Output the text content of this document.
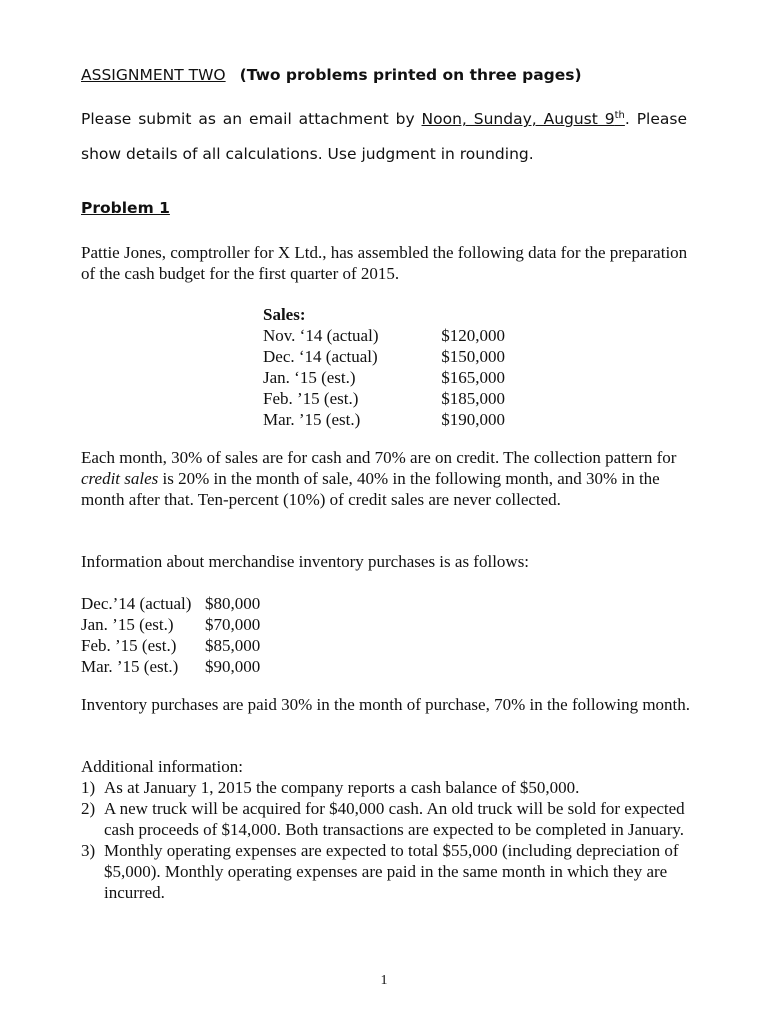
ASSIGNMENT TWO (Two problems printed on three pages)
Please submit as an email attachment by Noon, Sunday, August 9th. Please
show details of all calculations. Use judgment in rounding.
Problem 1
Pattie Jones, comptroller for X Ltd., has assembled the following data for the preparation of the cash budget for the first quarter of 2015.
Sales:
Nov. ‘14 (actual)	$120,000
Dec. ‘14 (actual)	$150,000
Jan. ‘15 (est.)	$165,000
Feb. ’15 (est.)	$185,000
Mar. ’15 (est.)	$190,000
Each month, 30% of sales are for cash and 70% are on credit. The collection pattern for credit sales is 20% in the month of sale, 40% in the following month, and 30% in the month after that. Ten-percent (10%) of credit sales are never collected.
Information about merchandise inventory purchases is as follows:
Dec.’14 (actual) $80,000
Jan. ’15 (est.)	$70,000
Feb. ’15 (est.)	$85,000
Mar. ’15 (est.)	$90,000
Inventory purchases are paid 30% in the month of purchase, 70% in the following month.
Additional information:
1) As at January 1, 2015 the company reports a cash balance of $50,000.
2) A new truck will be acquired for $40,000 cash. An old truck will be sold for expected cash proceeds of $14,000. Both transactions are expected to be completed in January.
3) Monthly operating expenses are expected to total $55,000 (including depreciation of $5,000). Monthly operating expenses are paid in the same month in which they are incurred.
1
